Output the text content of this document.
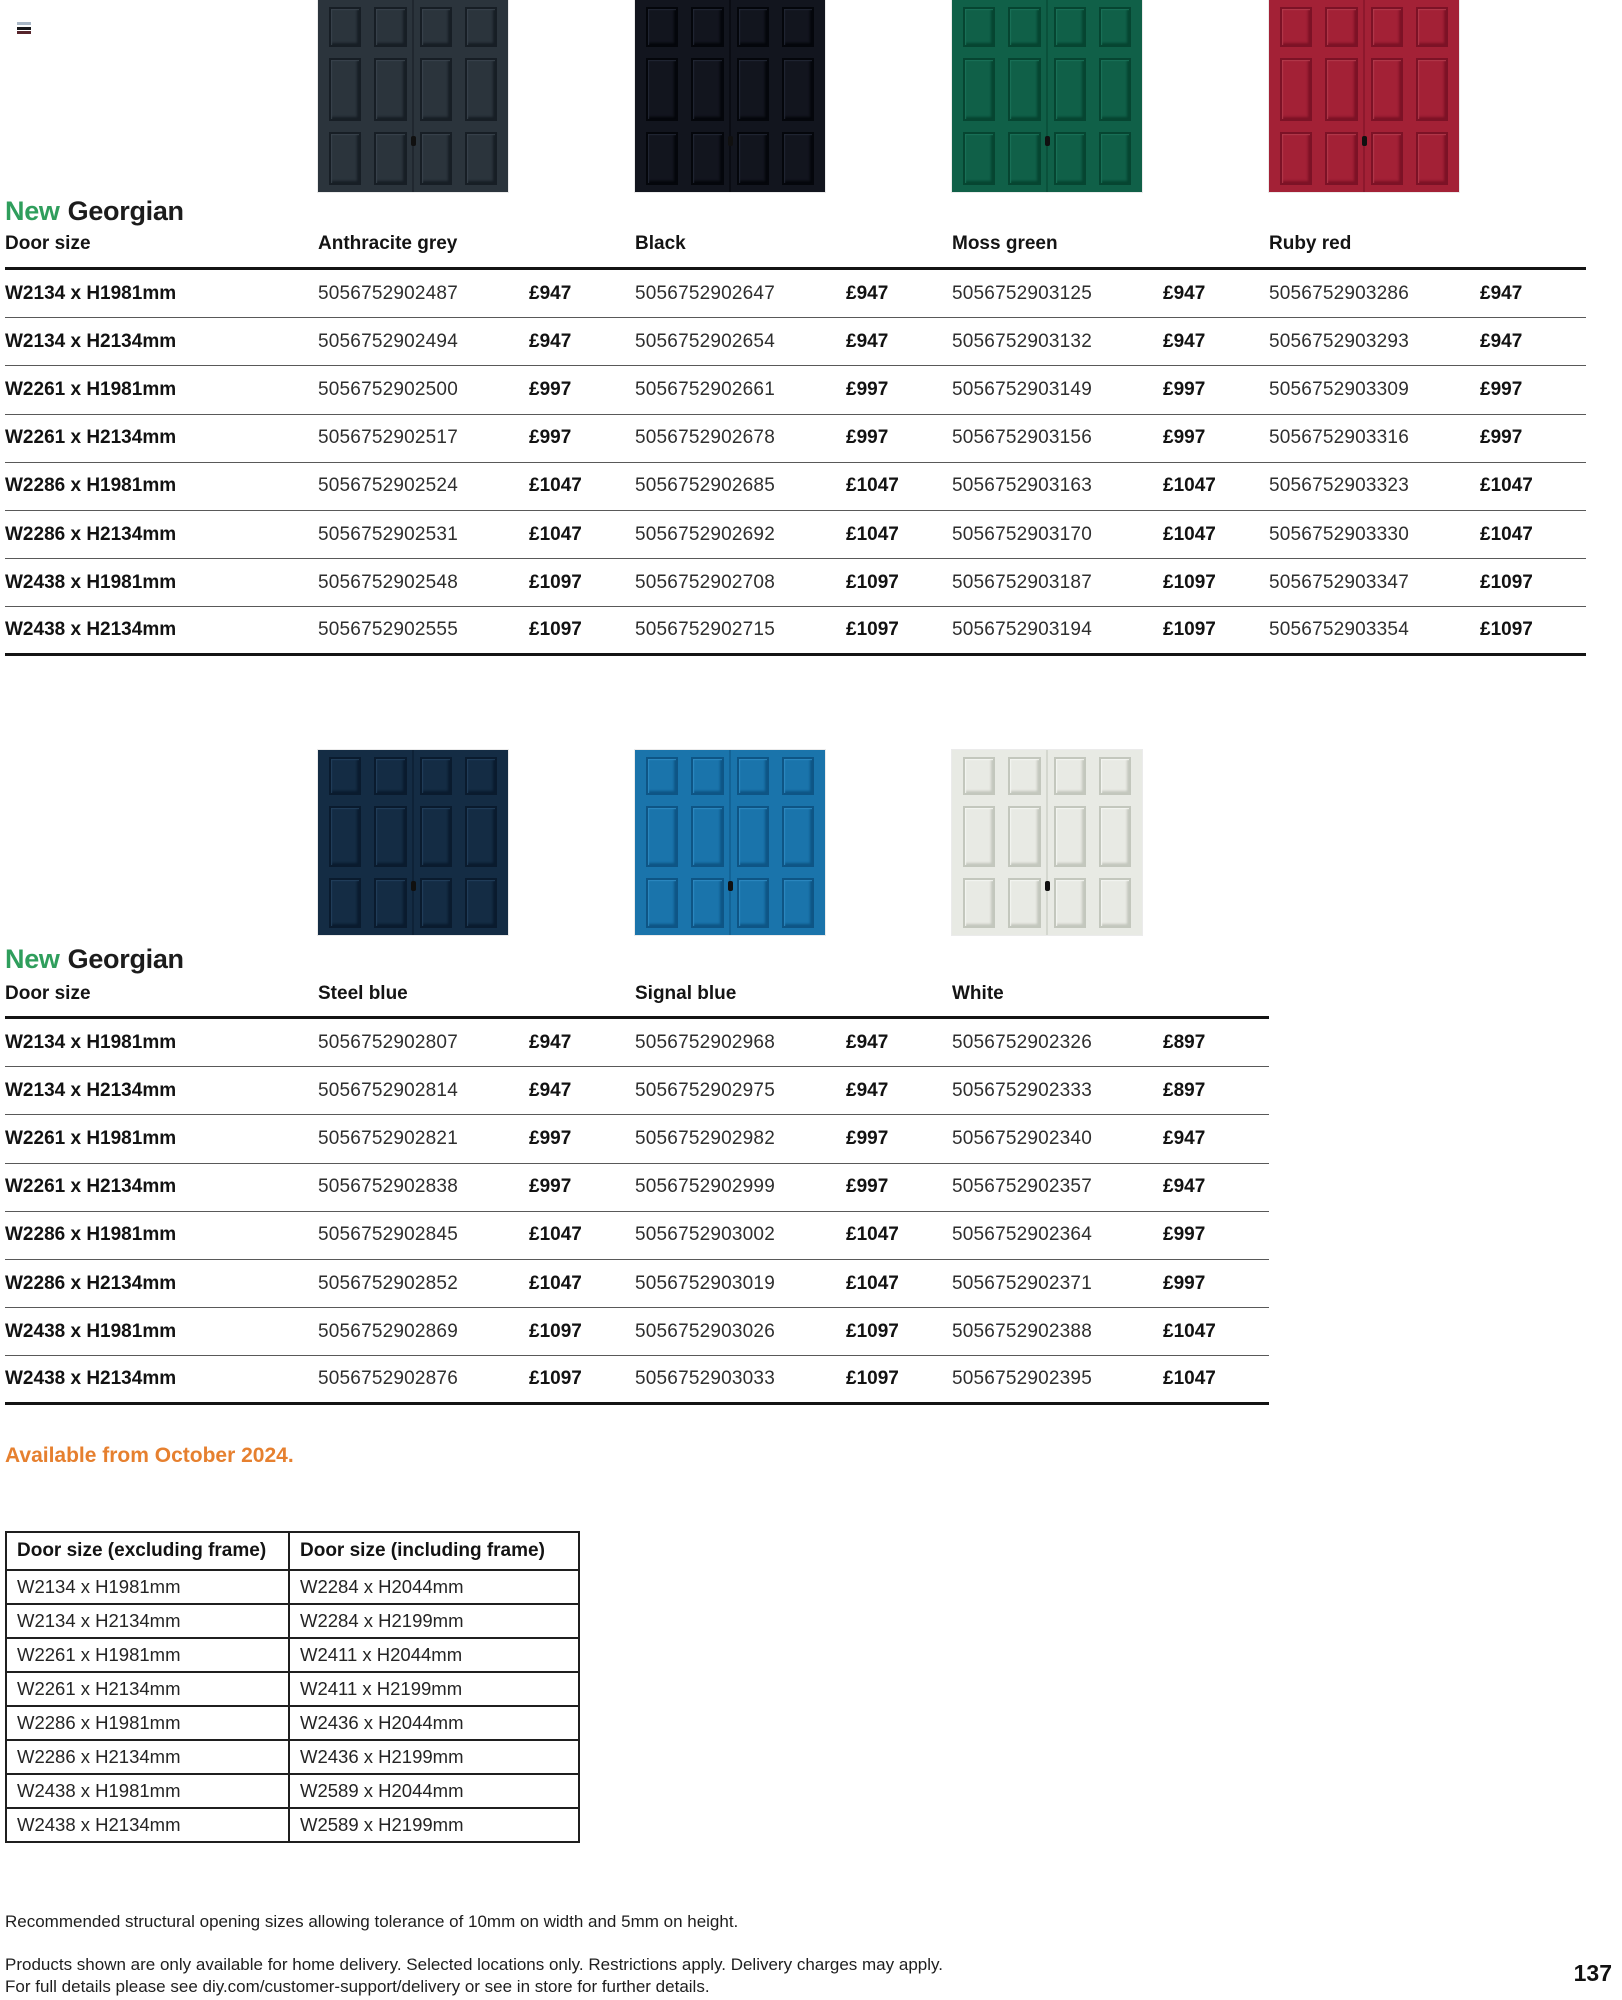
New Georgian
Door size	Anthracite grey	Black	Moss green	Ruby red
W2134 x H1981mm	5056752902487	£947	5056752902647	£947	5056752903125	£947	5056752903286	£947
W2134 x H2134mm	5056752902494	£947	5056752902654	£947	5056752903132	£947	5056752903293	£947
W2261 x H1981mm	5056752902500	£997	5056752902661	£997	5056752903149	£997	5056752903309	£997
W2261 x H2134mm	5056752902517	£997	5056752902678	£997	5056752903156	£997	5056752903316	£997
W2286 x H1981mm	5056752902524	£1047	5056752902685	£1047	5056752903163	£1047	5056752903323	£1047
W2286 x H2134mm	5056752902531	£1047	5056752902692	£1047	5056752903170	£1047	5056752903330	£1047
W2438 x H1981mm	5056752902548	£1097	5056752902708	£1097	5056752903187	£1097	5056752903347	£1097
W2438 x H2134mm	5056752902555	£1097	5056752902715	£1097	5056752903194	£1097	5056752903354	£1097
New Georgian
Door size	Steel blue	Signal blue	White
W2134 x H1981mm	5056752902807	£947	5056752902968	£947	5056752902326	£897
W2134 x H2134mm	5056752902814	£947	5056752902975	£947	5056752902333	£897
W2261 x H1981mm	5056752902821	£997	5056752902982	£997	5056752902340	£947
W2261 x H2134mm	5056752902838	£997	5056752902999	£997	5056752902357	£947
W2286 x H1981mm	5056752902845	£1047	5056752903002	£1047	5056752902364	£997
W2286 x H2134mm	5056752902852	£1047	5056752903019	£1047	5056752902371	£997
W2438 x H1981mm	5056752902869	£1097	5056752903026	£1097	5056752902388	£1047
W2438 x H2134mm	5056752902876	£1097	5056752903033	£1097	5056752902395	£1047
Available from October 2024.
Door size (excluding frame)	Door size (including frame)
W2134 x H1981mm	W2284 x H2044mm
W2134 x H2134mm	W2284 x H2199mm
W2261 x H1981mm	W2411 x H2044mm
W2261 x H2134mm	W2411 x H2199mm
W2286 x H1981mm	W2436 x H2044mm
W2286 x H2134mm	W2436 x H2199mm
W2438 x H1981mm	W2589 x H2044mm
W2438 x H2134mm	W2589 x H2199mm
Recommended structural opening sizes allowing tolerance of 10mm on width and 5mm on height.
Products shown are only available for home delivery. Selected locations only. Restrictions apply. Delivery charges may apply.
For full details please see diy.com/customer-support/delivery or see in store for further details.
137
